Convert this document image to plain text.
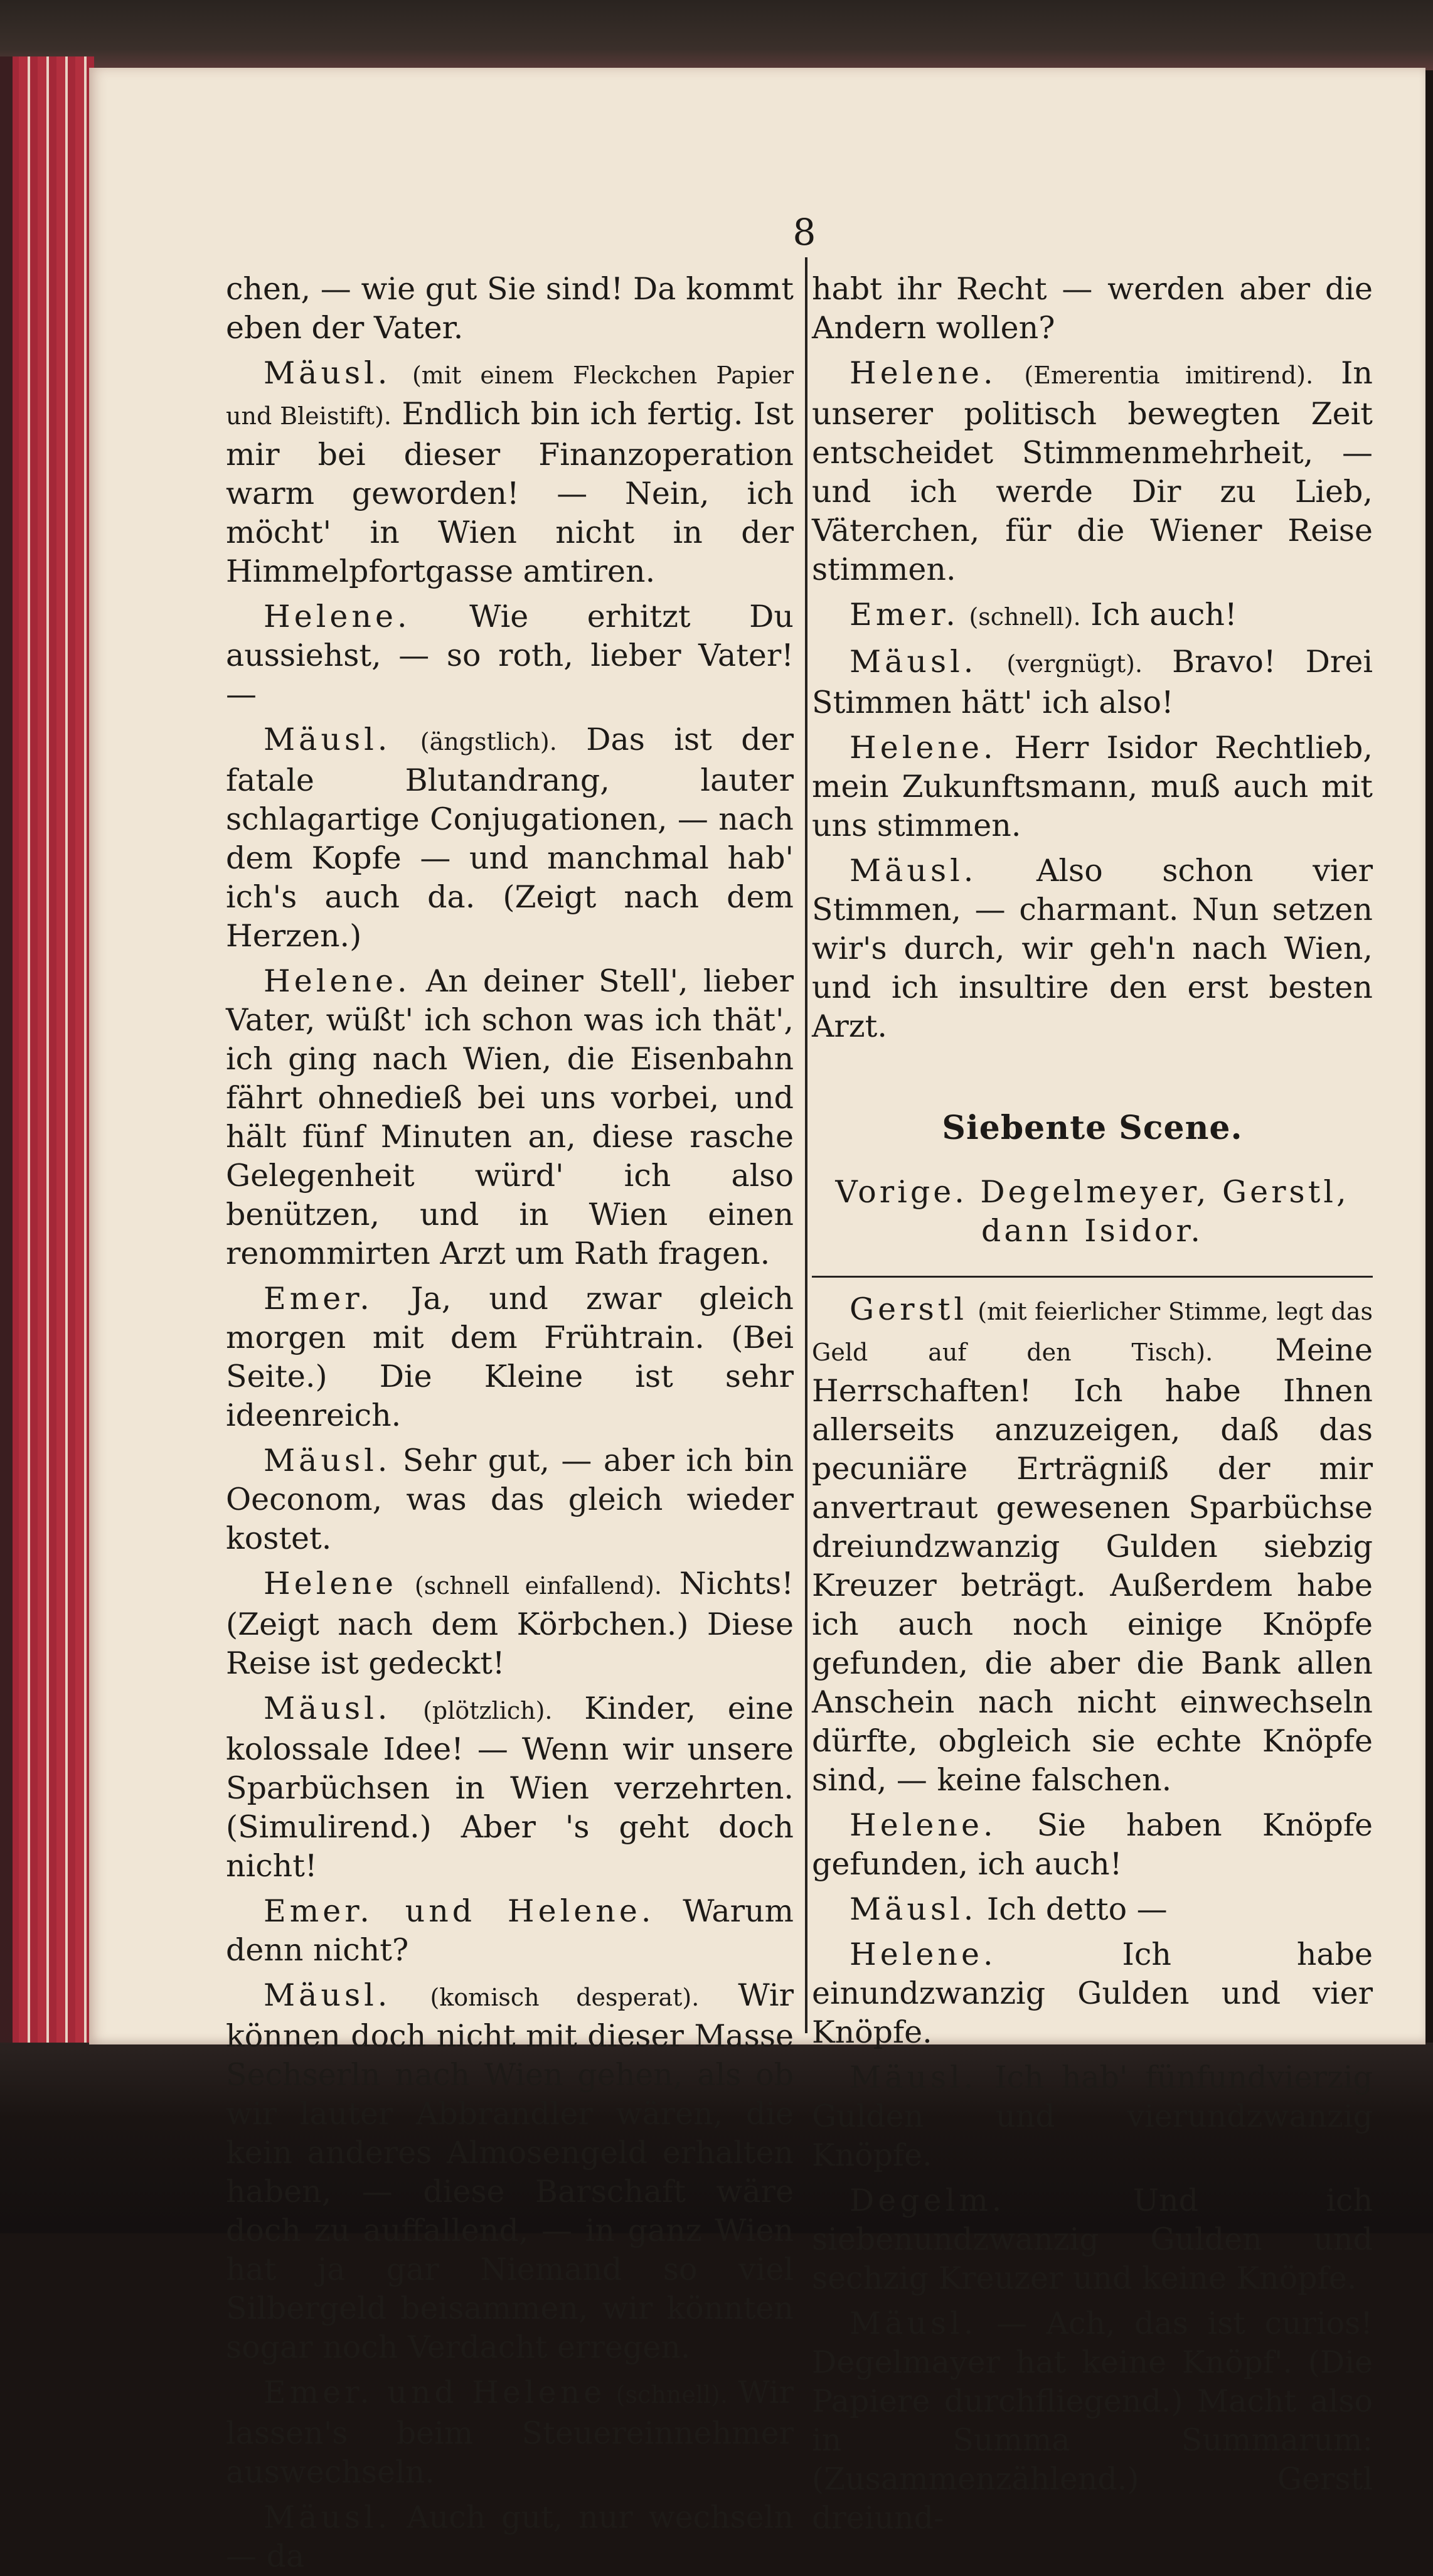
8

chen, — wie gut Sie sind! Da kommt eben der Vater.

Mäusl. (mit einem Fleckchen Papier und Bleistift). Endlich bin ich fertig. Ist mir bei dieser Finanzoperation warm geworden! — Nein, ich möcht' in Wien nicht in der Himmelpfortgasse amtiren.

Helene. Wie erhitzt Du aussiehst, — so roth, lieber Vater! —

Mäusl. (ängstlich). Das ist der fatale Blutandrang, lauter schlagartige Conjugationen, — nach dem Kopfe — und manchmal hab' ich's auch da. (Zeigt nach dem Herzen.)

Helene. An deiner Stell', lieber Vater, wüßt' ich schon was ich thät', ich ging nach Wien, die Eisenbahn fährt ohnedieß bei uns vorbei, und hält fünf Minuten an, diese rasche Gelegenheit würd' ich also benützen, und in Wien einen renommirten Arzt um Rath fragen.

Emer. Ja, und zwar gleich morgen mit dem Frühtrain. (Bei Seite.) Die Kleine ist sehr ideenreich.

Mäusl. Sehr gut, — aber ich bin Oeconom, was das gleich wieder kostet.

Helene (schnell einfallend). Nichts! (Zeigt nach dem Körbchen.) Diese Reise ist gedeckt!

Mäusl. (plötzlich). Kinder, eine kolossale Idee! — Wenn wir unsere Sparbüchsen in Wien verzehrten. (Simulirend.) Aber 's geht doch nicht!

Emer. und Helene. Warum denn nicht?

Mäusl. (komisch desperat). Wir können doch nicht mit dieser Masse Sechserln nach Wien gehen, als ob wir lauter Abbrandler wären, die kein anderes Almosengeld erhalten haben, — diese Barschaft wäre doch zu auffallend, — in ganz Wien hat ja gar Niemand so viel Silbergeld beisammen, wir könnten sogar noch Verdacht erregen.

Emer. und Helene (schnell). Wir lassen's beim Steuereinnehmer auswechseln.

Mäusl. Auch gut, nur wechseln — da

habt ihr Recht — werden aber die Andern wollen?

Helene. (Emerentia imitirend). In unserer politisch bewegten Zeit entscheidet Stimmenmehrheit, — und ich werde Dir zu Lieb, Väterchen, für die Wiener Reise stimmen.

Emer. (schnell). Ich auch!

Mäusl. (vergnügt). Bravo! Drei Stimmen hätt' ich also!

Helene. Herr Isidor Rechtlieb, mein Zukunftsmann, muß auch mit uns stimmen.

Mäusl. Also schon vier Stimmen, — charmant. Nun setzen wir's durch, wir geh'n nach Wien, und ich insultire den erst besten Arzt.

Siebente Scene.
Vorige. Degelmeyer, Gerstl, dann Isidor.

Gerstl (mit feierlicher Stimme, legt das Geld auf den Tisch). Meine Herrschaften! Ich habe Ihnen allerseits anzuzeigen, daß das pecuniäre Erträgniß der mir anvertraut gewesenen Sparbüchse dreiundzwanzig Gulden siebzig Kreuzer beträgt. Außerdem habe ich auch noch einige Knöpfe gefunden, die aber die Bank allen Anschein nach nicht einwechseln dürfte, obgleich sie echte Knöpfe sind, — keine falschen.

Helene. Sie haben Knöpfe gefunden, ich auch!

Mäusl. Ich detto —

Helene.	Ich habe einundzwanzig Gulden und vier Knöpfe.

Mäusl. Ich hab' fünfundvierzig Gulden und vierundzwanzig Knöpfe.

Degelm.	Und ich siebenundzwanzig Gulden und sechzig Kreuzer und keine Knöpfe.

Mäusl. — Ach, das ist curios! Degelmayer hat keine Knöpf'. (Die Papiere durchfliegend.) Macht also in Summa Summarum: (Zusammenzählend.) Gerstl dreiund-
